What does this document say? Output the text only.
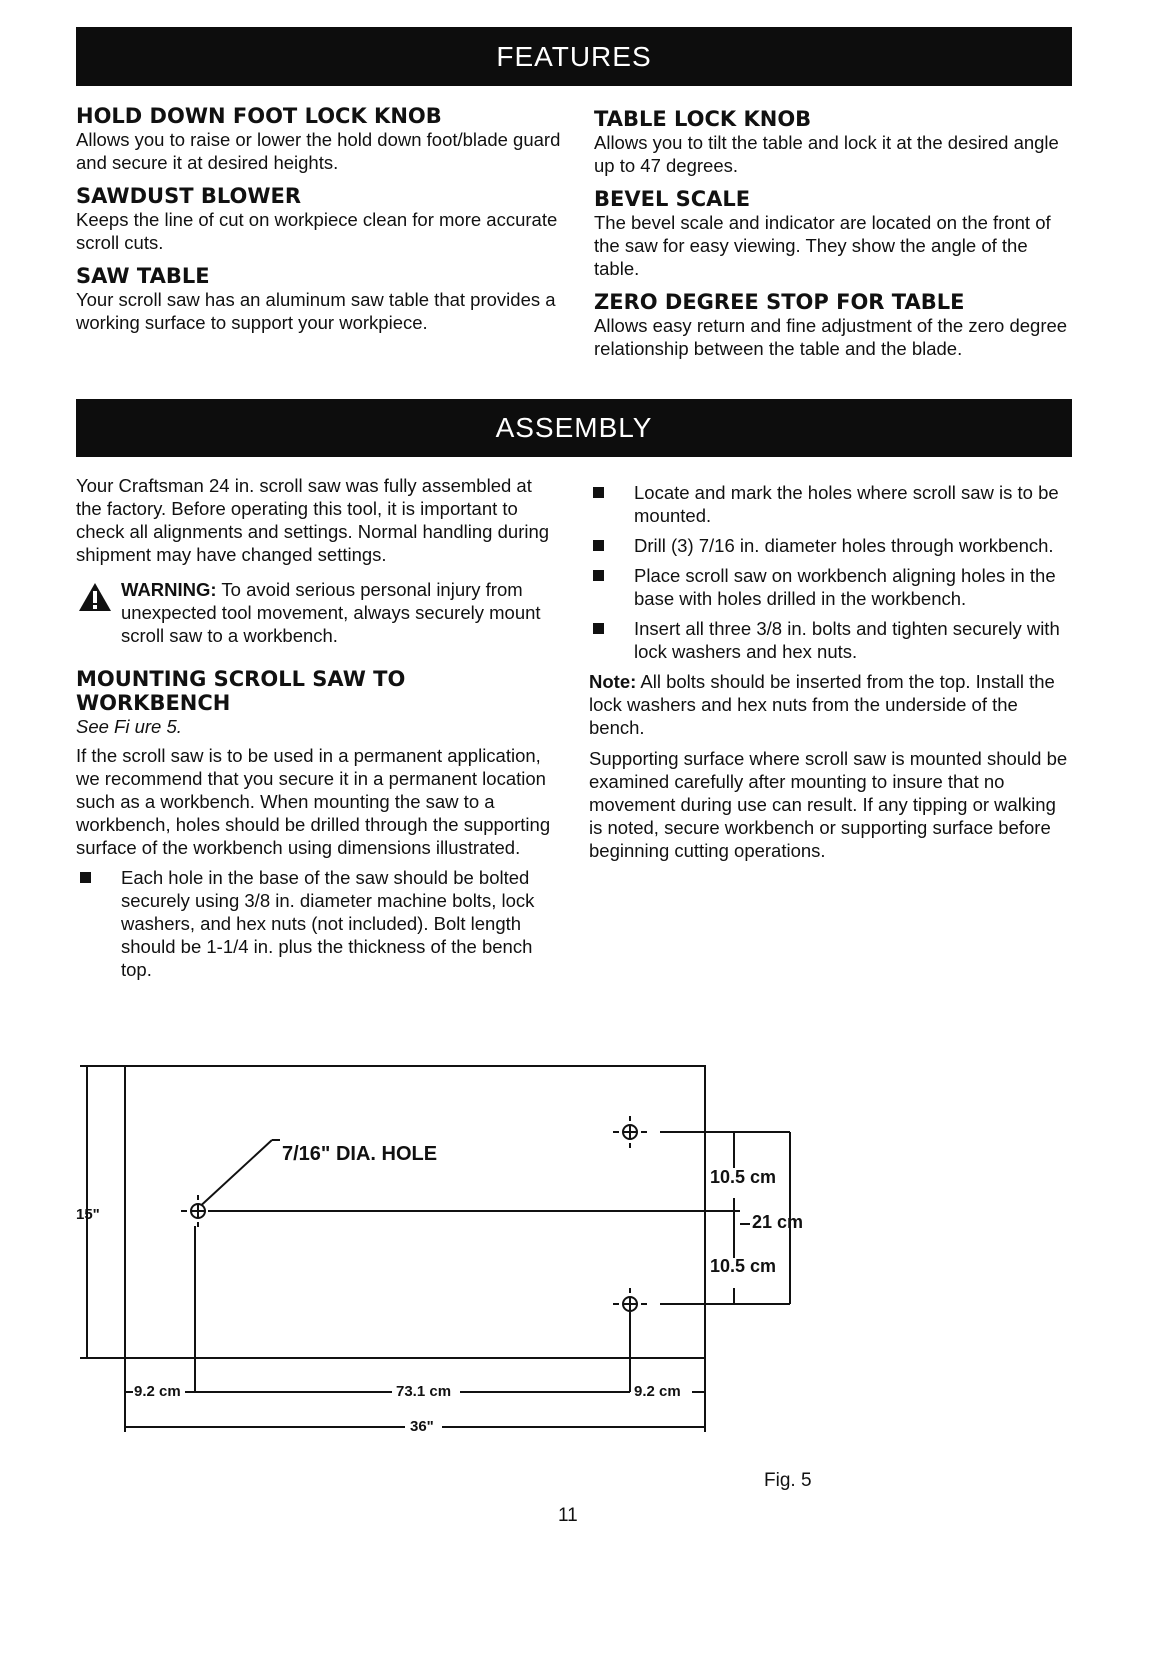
FEATURES
HOLD DOWN FOOT LOCK KNOB

Allows you to raise or lower the hold down foot/blade guard and secure it at desired heights.

SAWDUST BLOWER

Keeps the line of cut on workpiece clean for more accurate scroll cuts.

SAW TABLE

Your scroll saw has an aluminum saw table that provides a working surface to support your workpiece.

TABLE LOCK KNOB

Allows you to tilt the table and lock it at the desired angle up to 47 degrees.

BEVEL SCALE

The bevel scale and indicator are located on the front of the saw for easy viewing. They show the angle of the table.

ZERO DEGREE STOP FOR TABLE

Allows easy return and fine adjustment of the zero degree relationship between the table and the blade.

ASSEMBLY

Your Craftsman 24 in. scroll saw was fully assembled at the factory. Before operating this tool, it is important to check all alignments and settings. Normal handling during shipment may have changed settings.

WARNING: To avoid serious personal injury from unexpected tool movement, always securely mount scroll saw to a workbench.

MOUNTING SCROLL SAW TO WORKBENCH

See Fi ure 5.

If the scroll saw is to be used in a permanent application, we recommend that you secure it in a permanent location such as a workbench. When mounting the saw to a workbench, holes should be drilled through the supporting surface of the workbench using dimensions illustrated.

Each hole in the base of the saw should be bolted securely using 3/8 in. diameter machine bolts, lock washers, and hex nuts (not included). Bolt length should be 1-1/4 in. plus the thickness of the bench top.

Locate and mark the holes where scroll saw is to be mounted.

Drill (3) 7/16 in. diameter holes through workbench.

Place scroll saw on workbench aligning holes in the base with holes drilled in the workbench.

Insert all three 3/8 in. bolts and tighten securely with lock washers and hex nuts.

Note: All bolts should be inserted from the top. Install the lock washers and hex nuts from the underside of the bench.

Supporting surface where scroll saw is mounted should be examined carefully after mounting to insure that no movement during use can result. If any tipping or walking is noted, secure workbench or supporting surface before beginning cutting operations.

7/16" DIA. HOLE
15"
10.5 cm
21 cm
10.5 cm
9.2 cm	73.1 cm	9.2 cm
36"
Fig. 5
11
